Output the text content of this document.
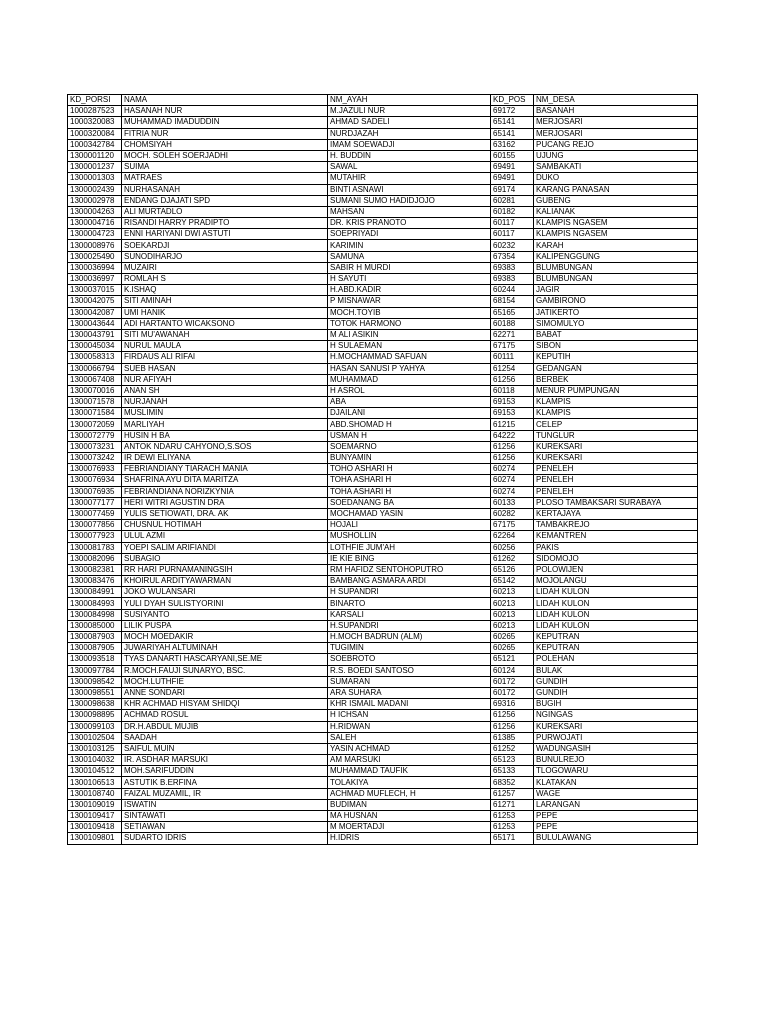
KD_PORSI	NAMA	NM_AYAH	KD_POS	NM_DESA
1000287523	HASANAH NUR	M.JAZULI NUR	69172	BASANAH
1000320083	MUHAMMAD IMADUDDIN	AHMAD SADELI	65141	MERJOSARI
1000320084	FITRIA NUR	NURDJAZAH	65141	MERJOSARI
1000342784	CHOMSIYAH	IMAM SOEWADJI	63162	PUCANG REJO
1300001120	MOCH. SOLEH SOERJADHI	H. BUDDIN	60155	UJUNG
1300001237	SUIMA	SAWAL	69491	SAMBAKATI
1300001303	MATRAES	MUTAHIR	69491	DUKO
1300002439	NURHASANAH	BINTI ASNAWI	69174	KARANG PANASAN
1300002978	ENDANG DJAJATI SPD	SUMANI SUMO HADIDJOJO	60281	GUBENG
1300004263	ALI MURTADLO	MAHSAN	60182	KALIANAK
1300004716	RISANDI HARRY PRADIPTO	DR. KRIS PRANOTO	60117	KLAMPIS NGASEM
1300004723	ENNI HARIYANI DWI ASTUTI	SOEPRIYADI	60117	KLAMPIS NGASEM
1300008976	SOEKARDJI	KARIMIN	60232	KARAH
1300025490	SUNODIHARJO	SAMUNA	67354	KALIPENGGUNG
1300036994	MUZAIRI	SABIR H MURDI	69383	BLUMBUNGAN
1300036997	ROMLAH S	H SAYUTI	69383	BLUMBUNGAN
1300037015	K.ISHAQ	H.ABD.KADIR	60244	JAGIR
1300042075	SITI AMINAH	P MISNAWAR	68154	GAMBIRONO
1300042087	UMI HANIK	MOCH.TOYIB	65165	JATIKERTO
1300043644	ADI HARTANTO WICAKSONO	TOTOK HARMONO	60188	SIMOMULYO
1300043791	SITI MU'AWANAH	M ALI ASIKIN	62271	BABAT
1300045034	NURUL MAULA	H SULAEMAN	67175	SIBON
1300058313	FIRDAUS ALI RIFAI	H.MOCHAMMAD SAFUAN	60111	KEPUTIH
1300066794	SUEB HASAN	HASAN SANUSI P YAHYA	61254	GEDANGAN
1300067408	NUR AFIYAH	MUHAMMAD	61256	BERBEK
1300070016	ANAN SH	H ASROL	60118	MENUR PUMPUNGAN
1300071578	NURJANAH	ABA	69153	KLAMPIS
1300071584	MUSLIMIN	DJAILANI	69153	KLAMPIS
1300072059	MARLIYAH	ABD.SHOMAD H	61215	CELEP
1300072779	HUSIN H BA	USMAN H	64222	TUNGLUR
1300073231	ANTOK NDARU CAHYONO,S.SOS	SOEMARNO	61256	KUREKSARI
1300073242	IR DEWI ELIYANA	BUNYAMIN	61256	KUREKSARI
1300076933	FEBRIANDIANY TIARACH MANIA	TOHO ASHARI H	60274	PENELEH
1300076934	SHAFRINA AYU DITA MARITZA	TOHA ASHARI H	60274	PENELEH
1300076935	FEBRIANDIANA NORIZKYNIA	TOHA ASHARI H	60274	PENELEH
1300077177	HERI WITRI AGUSTIN DRA	SOEDANANG BA	60133	PLOSO TAMBAKSARI SURABAYA
1300077459	YULIS SETIOWATI, DRA. AK	MOCHAMAD YASIN	60282	KERTAJAYA
1300077856	CHUSNUL HOTIMAH	HOJALI	67175	TAMBAKREJO
1300077923	ULUL AZMI	MUSHOLLIN	62264	KEMANTREN
1300081783	YOEPI SALIM ARIFIANDI	LOTHFIE JUM'AH	60256	PAKIS
1300082096	SUBAGIO	IE KIE BING	61262	SIDOMOJO
1300082381	RR HARI PURNAMANINGSIH	RM HAFIDZ SENTOHOPUTRO	65126	POLOWIJEN
1300083476	KHOIRUL ARDITYAWARMAN	BAMBANG ASMARA ARDI	65142	MOJOLANGU
1300084991	JOKO WULANSARI	H SUPANDRI	60213	LIDAH KULON
1300084993	YULI DYAH SULISTYORINI	BINARTO	60213	LIDAH KULON
1300084998	SUSIYANTO	KARSALI	60213	LIDAH KULON
1300085000	LILIK PUSPA	H.SUPANDRI	60213	LIDAH KULON
1300087903	MOCH MOEDAKIR	H.MOCH BADRUN (ALM)	60265	KEPUTRAN
1300087905	JUWARIYAH ALTUMINAH	TUGIMIN	60265	KEPUTRAN
1300093518	TYAS DANARTI HASCARYANI,SE.ME	SOEBROTO	65121	POLEHAN
1300097784	R.MOCH.FAUJI SUNARYO, BSC.	R.S. BOEDI SANTOSO	60124	BULAK
1300098542	MOCH.LUTHFIE	SUMARAN	60172	GUNDIH
1300098551	ANNE SONDARI	ARA SUHARA	60172	GUNDIH
1300098638	KHR ACHMAD HISYAM SHIDQI	KHR ISMAIL MADANI	69316	BUGIH
1300098895	ACHMAD ROSUL	H ICHSAN	61256	NGINGAS
1300099103	DR.H.ABDUL MUJIB	H.RIDWAN	61256	KUREKSARI
1300102504	SAADAH	SALEH	61385	PURWOJATI
1300103125	SAIFUL MUIN	YASIN ACHMAD	61252	WADUNGASIH
1300104032	IR. ASDHAR MARSUKI	AM MARSUKI	65123	BUNULREJO
1300104512	MOH.SARIFUDDIN	MUHAMMAD TAUFIK	65133	TLOGOWARU
1300106513	ASTUTIK B.ERFINA	TOLAKIYA	68352	KLATAKAN
1300108740	FAIZAL MUZAMIL, IR	ACHMAD MUFLECH, H	61257	WAGE
1300109019	ISWATIN	BUDIMAN	61271	LARANGAN
1300109417	SINTAWATI	MA HUSNAN	61253	PEPE
1300109418	SETIAWAN	M MOERTADJI	61253	PEPE
1300109801	SUDARTO IDRIS	H.IDRIS	65171	BULULAWANG
